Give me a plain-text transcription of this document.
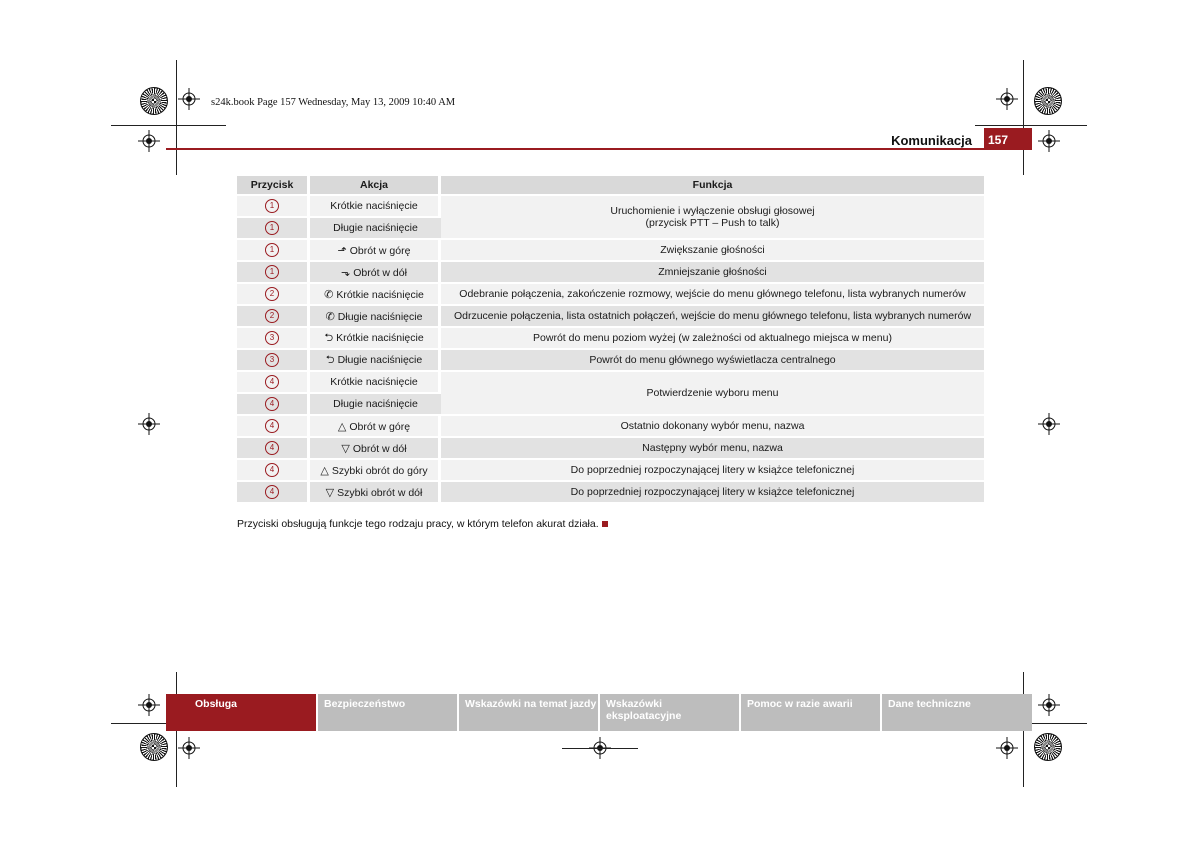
s24k.book Page 157 Wednesday, May 13, 2009 10:40 AM
Komunikacja 157
Przycisk	Akcja	Funkcja
1	Krótkie naciśnięcie	Uruchomienie i wyłączenie obsługi głosowej
(przycisk PTT – Push to talk)

1	Długie naciśnięcie	
1	⬏ Obrót w górę	Zwiększanie głośności

1	⬎ Obrót w dół	Zmniejszanie głośności

2	✆ Krótkie naciśnięcie	Odebranie połączenia, zakończenie rozmowy, wejście do menu głównego telefonu, lista wybranych numerów

2	✆ Długie naciśnięcie	Odrzucenie połączenia, lista ostatnich połączeń, wejście do menu głównego telefonu, lista wybranych numerów

3	⮌ Krótkie naciśnięcie	Powrót do menu poziom wyżej (w zależności od aktualnego miejsca w menu)

3	⮌ Długie naciśnięcie	Powrót do menu głównego wyświetlacza centralnego

4	Krótkie naciśnięcie	Potwierdzenie wyboru menu

4	Długie naciśnięcie	
4	△ Obrót w górę	Ostatnio dokonany wybór menu, nazwa

4	▽ Obrót w dół	Następny wybór menu, nazwa

4	△ Szybki obrót do góry	Do poprzedniej rozpoczynającej litery w książce telefonicznej

4	▽ Szybki obrót w dół	Do poprzedniej rozpoczynającej litery w książce telefonicznej
Przyciski obsługują funkcje tego rodzaju pracy, w którym telefon akurat działa.
Obsługa	Bezpieczeństwo	Wskazówki na temat jazdy Wskazówki eksploatacyjne
Pomoc w razie awarii	Dane techniczne
